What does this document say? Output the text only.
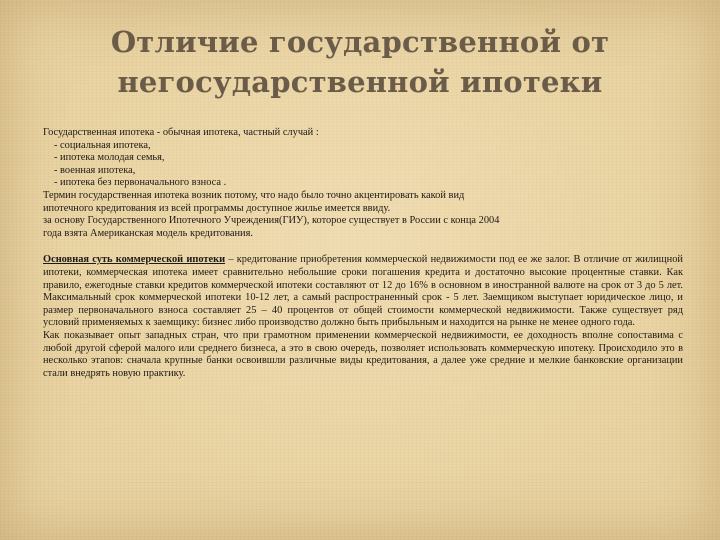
Отличие государственной от
негосударственной ипотеки

Государственная ипотека - обычная ипотека, частный случай :

- социальная ипотека,

- ипотека молодая семья,

- военная ипотека,

- ипотека без первоначального взноса .

Термин государственная ипотека возник потому, что надо было точно акцентировать какой вид

ипотечного кредитования из всей программы доступное жилье имеется ввиду.

за основу Государственного Ипотечного Учреждения(ГИУ), которое существует в России с конца 2004

года взята Американская модель кредитования.

Основная суть коммерческой ипотеки – кредитование приобретения коммерческой недвижимости под ее же залог. В отличие от жилищной ипотеки, коммерческая ипотека имеет сравнительно небольшие сроки погашения кредита и достаточно высокие процентные ставки. Как правило, ежегодные ставки кредитов коммерческой ипотеки составляют от 12 до 16% в основном в иностранной валюте на срок от 3 до 5 лет. Максимальный срок коммерческой ипотеки 10-12 лет, а самый распространенный срок - 5 лет. Заемщиком выступает юридическое лицо, и размер первоначального взноса составляет 25 – 40 процентов от общей стоимости коммерческой недвижимости. Также существует ряд условий применяемых к заемщику: бизнес либо производство должно быть прибыльным и находится на рынке не менее одного года.

Как показывает опыт западных стран, что при грамотном применении коммерческой недвижимости, ее доходность вполне сопоставима с любой другой сферой малого или среднего бизнеса, а это в свою очередь, позволяет использовать коммерческую ипотеку. Происходило это в несколько этапов: сначала крупные банки освоившли различные виды кредитования, а далее уже средние и мелкие банковские организации стали внедрять новую практику.
